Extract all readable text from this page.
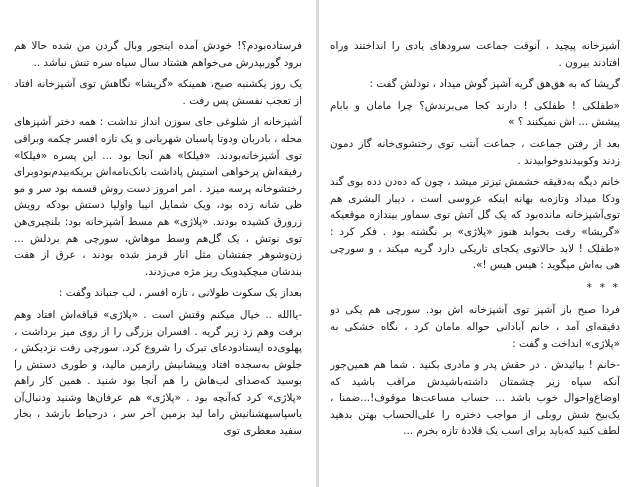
فرستاده‌بودم؟! خودش آمده اینجور وبال گردن من شده حالا هم برود گوربپدرش می‌خواهم هشتاد سال سیاه سره تنش نباشد ..

یک روز یکشنبه صبح، همینکه «گریشا» نگاهش توی آشپزخانه افتاد از تعجب نفسش پس رفت .

آشپزخانه از شلوغی جای سوزن انداز نداشت : همه دختر آشپزهای محله ، بادربان ودوتا پاسبان شهربانی و یک تازه افسر چکمه وبراقی توی آشپزخانه‌بودند. «فیلکا» هم آنجا بود ... این پسره «فیلکا» رفیقه‌اش پرخواهی استیش پاداشت بانک‌نامه‌اش بریکه‌بیدم‌بودوبرای رختشوخانه پرسه میزد . امر امروز دست روش قسمه بود سر و مو ظی شانه زده بود، ویک شمایل انیبا واولیا دستش بودکه رویش زرورق کشیده بودند. «پلاژی» هم مسط آشپزخانه بود: بلنچیری‌هن توی نوتش ، یک گل‌هم وسط موهاش، سورچی‌ هم بردلش ... زن‌وشوهر جفتشان مثل انار قرمز شده بودند ، عرق از هفت بندشان میچکیدویک ریز مژه می‌زدند.

بعداز یک سکوت طولانی ، تازه افسر ، لب جنباند وگفت :

-یاالله .. خیال میکنم وقتش است . «پلاژی» قباقه‌اش افتاد وهم برفت وهم زد زیر گریه . افسران بزرگی را از روی میز برداشت ، پهلوی‌ده ایستادودعای تبرک را شروع کرد. سورچی رفت نزدیکش ، جلوش به‌سجده افتاد وپیشانیش رازمین مالید، و طوری دستش را بوسید که‌صدای لب‌هاش را هم آنجا بود شنید . همین کار راهم «پلاژی» کرد که‌آنچه بود . «پلاژی» هم عرفان‌ها وشنید ودنبال‌آن یاسپاسیهشنانیش راما لید بزمین آخر سر ، درحیاط بازشد ، بخار سفید معطری توی

آشپزخانه پیچید ، آنوقت جماعت سرود‌های یادی را انداختند وراه افتادند بیرون .

گریشا که به هق‌هق گریه آشپز گوش میداد ، تودلش گفت :

«طفلکی ! طفلکی ! دارند کجا می‌برندش؟ چرا مامان و بابام پیشش ... اش نمیکنند ؟ »

بعد از رفتن جماعت ، جماعت آنتب توی رختشوی‌خانه گاز دمون زدند وکوبیدندوخوابیدند .

خانم دیگه به‌دقیقه خشمش تیزتر میشد ، چون که ده‌دن دده بوی گند ودکا میداد وتازه‌به بهانه اینکه عروسی است ، دیبار البشری هم توی‌آشپزخانه مانده‌بود که یک گل آتش توی سماور بیندازه موقعیکه «گریشا» رفت بخوابد هنوز «پلاژی» بر نگشته بود . فکر کرد : «طفلک ! لابد حالاتوی یکجای تاریکی دارد گریه میکند ، و سورچی هی به‌اش میگوید : هیس هیس !».

* * *

فردا صبح باز آشپز توی آشپزخانه اش بود. سورچی هم یکی دو دقیقه‌ای آمد ، خانم آبادانی حواله مامان کرد ، نگاه خشکی به «پلاژی» انداخت و گفت :

-خانم ! بیائیدش . در حقش پدر و مادری بکنید . شما هم همین‌جور آنکه سپاه زیر چشمتان داشته‌باشید‌ش مراقب باشید که اوضاع‌واحوال خوب باشد ... حساب مساعت‌ها موقوف!...ضمنا ، یک‌بیخ شش روبلی از مواجب دختره را علی‌الحساب بهتن بدهید لطف کنید که‌باید برای اسب یک قلادهٔ تازه بخرم ...
